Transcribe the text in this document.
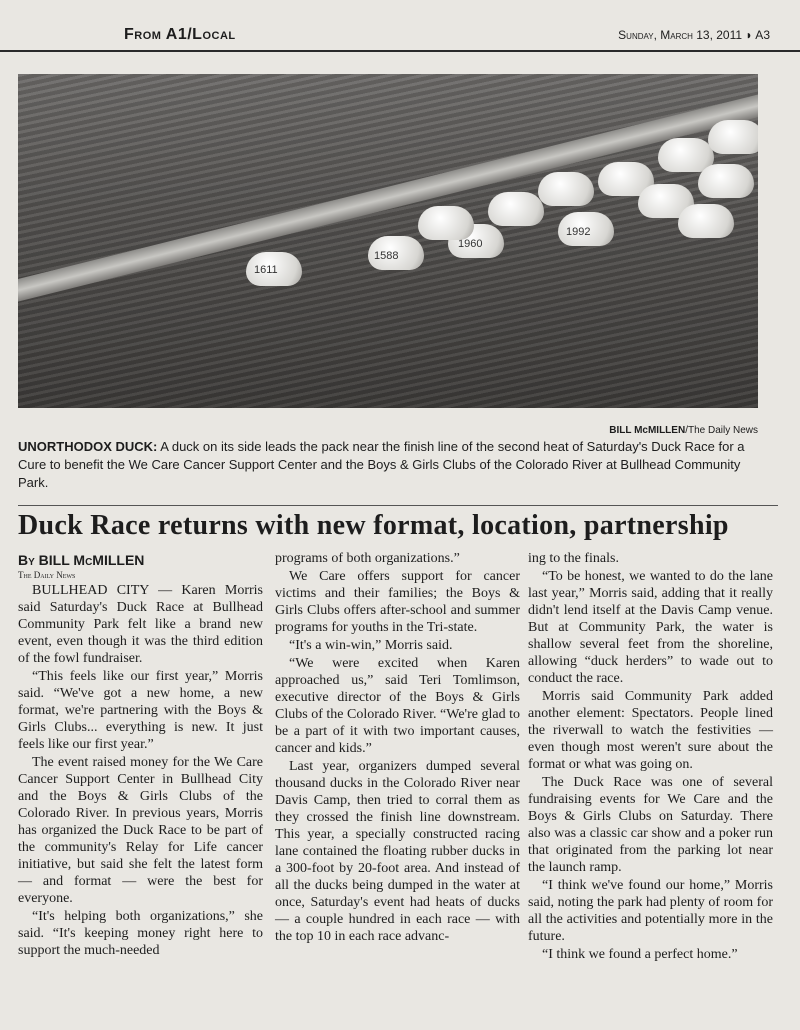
From A1/Local	Sunday, March 13, 2011 ◗ A3
1611
1588
1960
1992
BILL McMILLEN/The Daily News
UNORTHODOX DUCK: A duck on its side leads the pack near the finish line of the second heat of Saturday's Duck Race for a Cure to benefit the We Care Cancer Support Center and the Boys & Girls Clubs of the Colorado River at Bullhead Community Park.
Duck Race returns with new format, location, partnership
By BILL McMILLEN
The Daily News

BULLHEAD CITY — Karen Morris said Saturday's Duck Race at Bullhead Community Park felt like a brand new event, even though it was the third edition of the fowl fundraiser.

“This feels like our first year,” Morris said. “We've got a new home, a new format, we're partnering with the Boys & Girls Clubs... everything is new. It just feels like our first year.”

The event raised money for the We Care Cancer Support Center in Bullhead City and the Boys & Girls Clubs of the Colorado River. In previous years, Morris has organized the Duck Race to be part of the community's Relay for Life cancer initiative, but said she felt the latest form — and format — were the best for everyone.

“It's helping both organizations,” she said. “It's keeping money right here to support the much-needed

programs of both organizations.”

We Care offers support for cancer victims and their families; the Boys & Girls Clubs offers after-school and summer programs for youths in the Tri-state.

“It's a win-win,” Morris said.

“We were excited when Karen approached us,” said Teri Tomlimson, executive director of the Boys & Girls Clubs of the Colorado River. “We're glad to be a part of it with two important causes, cancer and kids.”

Last year, organizers dumped several thousand ducks in the Colorado River near Davis Camp, then tried to corral them as they crossed the finish line downstream. This year, a specially constructed racing lane contained the floating rubber ducks in a 300-foot by 20-foot area. And instead of all the ducks being dumped in the water at once, Saturday's event had heats of ducks — a couple hundred in each race — with the top 10 in each race advanc-

ing to the finals.

“To be honest, we wanted to do the lane last year,” Morris said, adding that it really didn't lend itself at the Davis Camp venue. But at Community Park, the water is shallow several feet from the shoreline, allowing “duck herders” to wade out to conduct the race.

Morris said Community Park added another element: Spectators. People lined the riverwall to watch the festivities — even though most weren't sure about the format or what was going on.

The Duck Race was one of several fundraising events for We Care and the Boys & Girls Clubs on Saturday. There also was a classic car show and a poker run that originated from the parking lot near the launch ramp.

“I think we've found our home,” Morris said, noting the park had plenty of room for all the activities and potentially more in the future.

“I think we found a perfect home.”
